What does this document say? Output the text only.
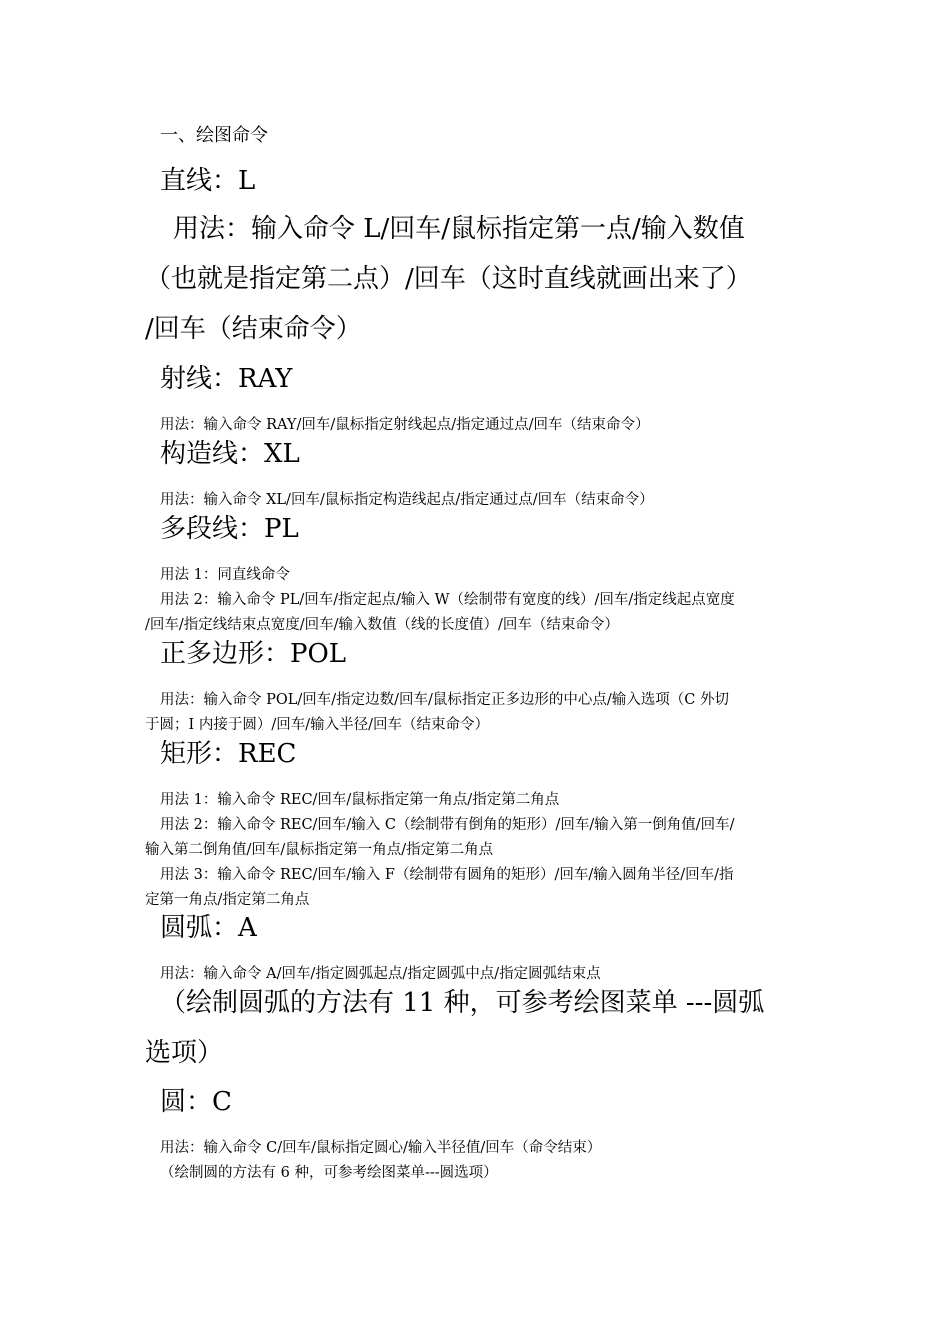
一、绘图命令
直线：L
用法：输入命令 L/回车/鼠标指定第一点/输入数值
（也就是指定第二点）/回车（这时直线就画出来了）
/回车（结束命令）
射线：RAY
用法：输入命令 RAY/回车/鼠标指定射线起点/指定通过点/回车（结束命令）
构造线：XL
用法：输入命令 XL/回车/鼠标指定构造线起点/指定通过点/回车（结束命令）
多段线：PL
用法 1：同直线命令
用法 2：输入命令 PL/回车/指定起点/输入 W（绘制带有宽度的线）/回车/指定线起点宽度
/回车/指定线结束点宽度/回车/输入数值（线的长度值）/回车（结束命令）
正多边形：POL
用法：输入命令 POL/回车/指定边数/回车/鼠标指定正多边形的中心点/输入选项（C 外切
于圆；I 内接于圆）/回车/输入半径/回车（结束命令）
矩形：REC
用法 1：输入命令 REC/回车/鼠标指定第一角点/指定第二角点
用法 2：输入命令 REC/回车/输入 C（绘制带有倒角的矩形）/回车/输入第一倒角值/回车/
输入第二倒角值/回车/鼠标指定第一角点/指定第二角点
用法 3：输入命令 REC/回车/输入 F（绘制带有圆角的矩形）/回车/输入圆角半径/回车/指
定第一角点/指定第二角点
圆弧：A
用法：输入命令 A/回车/指定圆弧起点/指定圆弧中点/指定圆弧结束点
（绘制圆弧的方法有 11 种，可参考绘图菜单 ---圆弧
选项）
圆：C
用法：输入命令 C/回车/鼠标指定圆心/输入半径值/回车（命令结束）
（绘制圆的方法有 6 种，可参考绘图菜单---圆选项）
